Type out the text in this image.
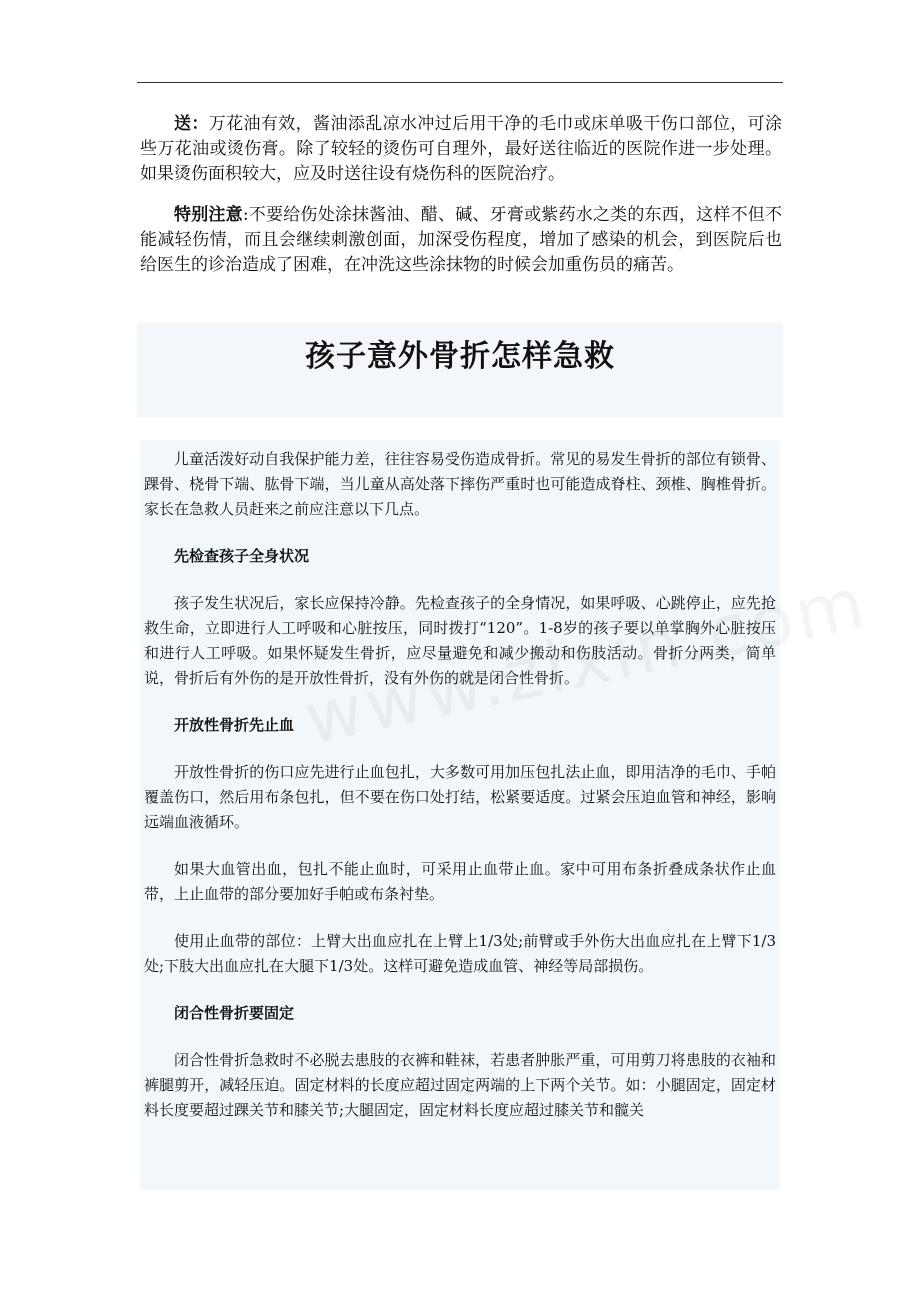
送：万花油有效，酱油添乱凉水冲过后用干净的毛巾或床单吸干伤口部位，可涂些万花油或烫伤膏。除了较轻的烫伤可自理外，最好送往临近的医院作进一步处理。如果烫伤面积较大，应及时送往设有烧伤科的医院治疗。

特别注意:不要给伤处涂抹酱油、醋、碱、牙膏或紫药水之类的东西，这样不但不能减轻伤情，而且会继续刺激创面，加深受伤程度，增加了感染的机会，到医院后也给医生的诊治造成了困难，在冲洗这些涂抹物的时候会加重伤员的痛苦。

孩子意外骨折怎样急救

儿童活泼好动自我保护能力差，往往容易受伤造成骨折。常见的易发生骨折的部位有锁骨、踝骨、桡骨下端、肱骨下端，当儿童从高处落下摔伤严重时也可能造成脊柱、颈椎、胸椎骨折。家长在急救人员赶来之前应注意以下几点。

先检查孩子全身状况

孩子发生状况后，家长应保持冷静。先检查孩子的全身情况，如果呼吸、心跳停止，应先抢救生命，立即进行人工呼吸和心脏按压，同时拨打“120”。1-8岁的孩子要以单掌胸外心脏按压和进行人工呼吸。如果怀疑发生骨折，应尽量避免和减少搬动和伤肢活动。骨折分两类，简单说，骨折后有外伤的是开放性骨折，没有外伤的就是闭合性骨折。

开放性骨折先止血

开放性骨折的伤口应先进行止血包扎，大多数可用加压包扎法止血，即用洁净的毛巾、手帕覆盖伤口，然后用布条包扎，但不要在伤口处打结，松紧要适度。过紧会压迫血管和神经，影响远端血液循环。

如果大血管出血，包扎不能止血时，可采用止血带止血。家中可用布条折叠成条状作止血带，上止血带的部分要加好手帕或布条衬垫。

使用止血带的部位：上臂大出血应扎在上臂上1/3处;前臂或手外伤大出血应扎在上臂下1/3处;下肢大出血应扎在大腿下1/3处。这样可避免造成血管、神经等局部损伤。

闭合性骨折要固定

闭合性骨折急救时不必脱去患肢的衣裤和鞋袜，若患者肿胀严重，可用剪刀将患肢的衣袖和裤腿剪开，减轻压迫。固定材料的长度应超过固定两端的上下两个关节。如：小腿固定，固定材料长度要超过踝关节和膝关节;大腿固定，固定材料长度应超过膝关节和髋关
